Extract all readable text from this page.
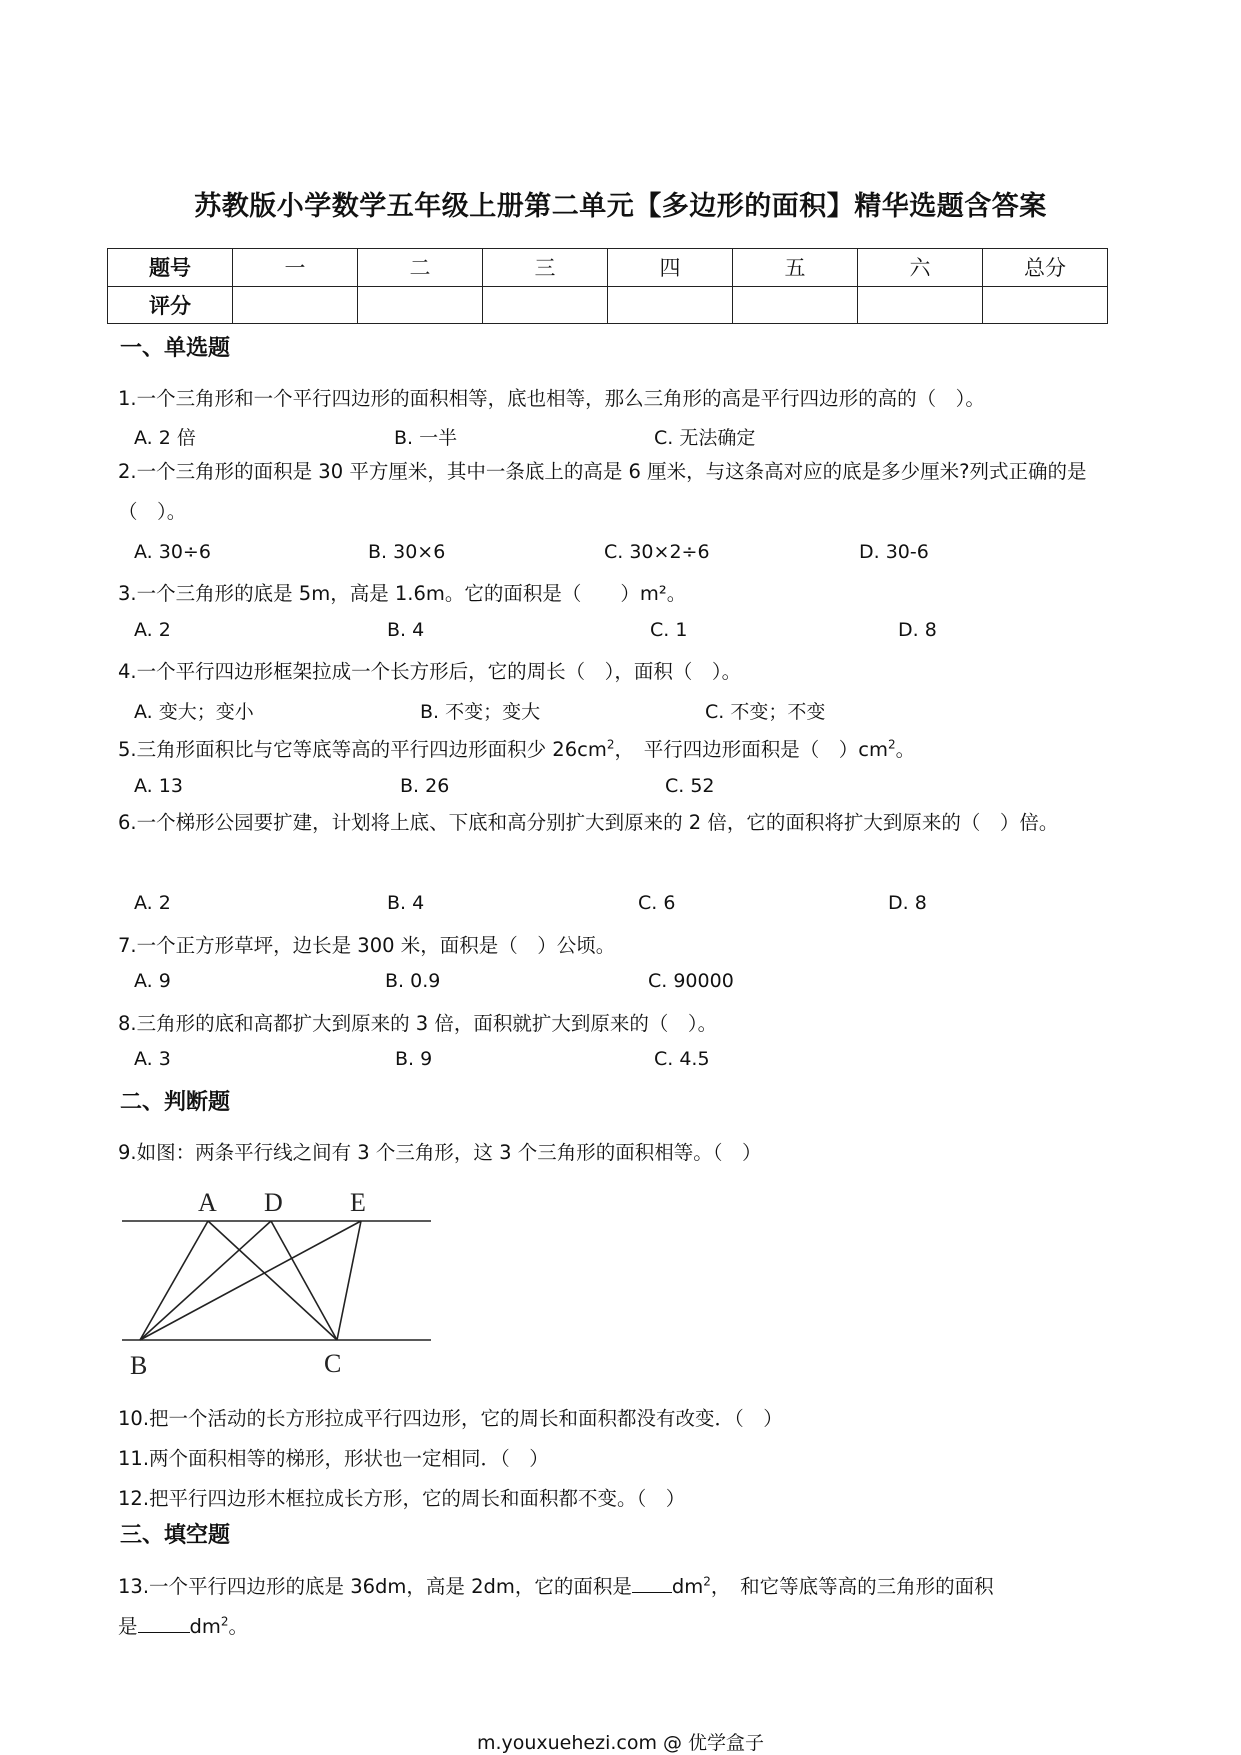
苏教版小学数学五年级上册第二单元【多边形的面积】精华选题含答案
题号	一	二	三	四	五	六	总分
评分							
一、单选题
1.一个三角形和一个平行四边形的面积相等，底也相等，那么三角形的高是平行四边形的高的（　）。
A. 2 倍	B. 一半	C. 无法确定
2.一个三角形的面积是 30 平方厘米，其中一条底上的高是 6 厘米，与这条高对应的底是多少厘米?列式正确的是（　）。
A. 30÷6	B. 30×6	C. 30×2÷6	D. 30-6
3.一个三角形的底是 5m，高是 1.6m。它的面积是（　　）m²。
A. 2	B. 4	C. 1	D. 8
4.一个平行四边形框架拉成一个长方形后，它的周长（　），面积（　）。
A. 变大；变小	B. 不变；变大	C. 不变；不变
5.三角形面积比与它等底等高的平行四边形面积少 $26cm^2$，　平行四边形面积是（　）$cm^2$。
A. 13	B. 26	C. 52
6.一个梯形公园要扩建，计划将上底、下底和高分别扩大到原来的 2 倍，它的面积将扩大到原来的（　）倍。
A. 2	B. 4	C. 6	D. 8
7.一个正方形草坪，边长是 300 米，面积是（　）公顷。
A. 9	B. 0.9	C. 90000
8.三角形的底和高都扩大到原来的 3 倍，面积就扩大到原来的（　）。
A. 3	B. 9	C. 4.5
二、判断题
9.如图：两条平行线之间有 3 个三角形，这 3 个三角形的面积相等。（　）
A D	E
B	C
10.把一个活动的长方形拉成平行四边形，它的周长和面积都没有改变．（　）
11.两个面积相等的梯形，形状也一定相同．（　）
12.把平行四边形木框拉成长方形，它的周长和面积都不变。（　）
三、填空题
13.一个平行四边形的底是 36dm，高是 2dm，它的面积是 $dm^2$，　和它等底等高的三角形的面积
是	$dm^2$。
m.youxuehezi.com @ 优学盒子
